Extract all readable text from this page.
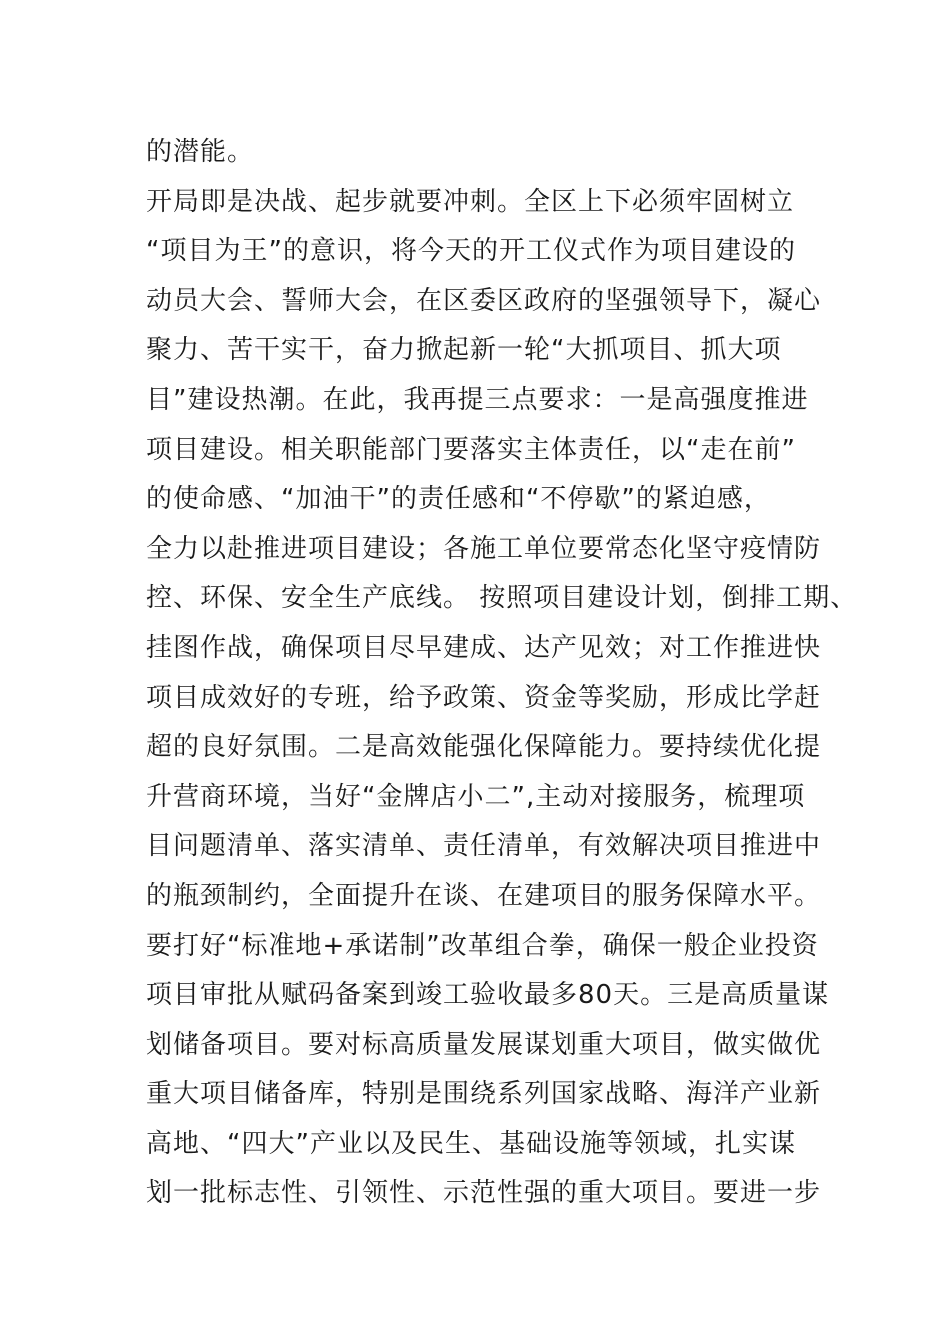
的潜能。
开局即是决战、起步就要冲刺。全区上下必须牢固树立
“项目为王”的意识，将今天的开工仪式作为项目建设的
动员大会、誓师大会，在区委区政府的坚强领导下，凝心
聚力、苦干实干，奋力掀起新一轮“大抓项目、抓大项
目”建设热潮。在此，我再提三点要求：一是高强度推进
项目建设。相关职能部门要落实主体责任，以“走在前”
的使命感、“加油干”的责任感和“不停歇”的紧迫感，
全力以赴推进项目建设；各施工单位要常态化坚守疫情防
控、环保、安全生产底线。 按照项目建设计划，倒排工期、
挂图作战，确保项目尽早建成、达产见效；对工作推进快
项目成效好的专班，给予政策、资金等奖励，形成比学赶
超的良好氛围。二是高效能强化保障能力。要持续优化提
升营商环境，当好“金牌店小二”,主动对接服务，梳理项
目问题清单、落实清单、责任清单，有效解决项目推进中
的瓶颈制约，全面提升在谈、在建项目的服务保障水平。
要打好“标准地+承诺制”改革组合拳，确保一般企业投资
项目审批从赋码备案到竣工验收最多80天。三是高质量谋
划储备项目。要对标高质量发展谋划重大项目，做实做优
重大项目储备库，特别是围绕系列国家战略、海洋产业新
高地、“四大”产业以及民生、基础设施等领域，扎实谋
划一批标志性、引领性、示范性强的重大项目。要进一步
